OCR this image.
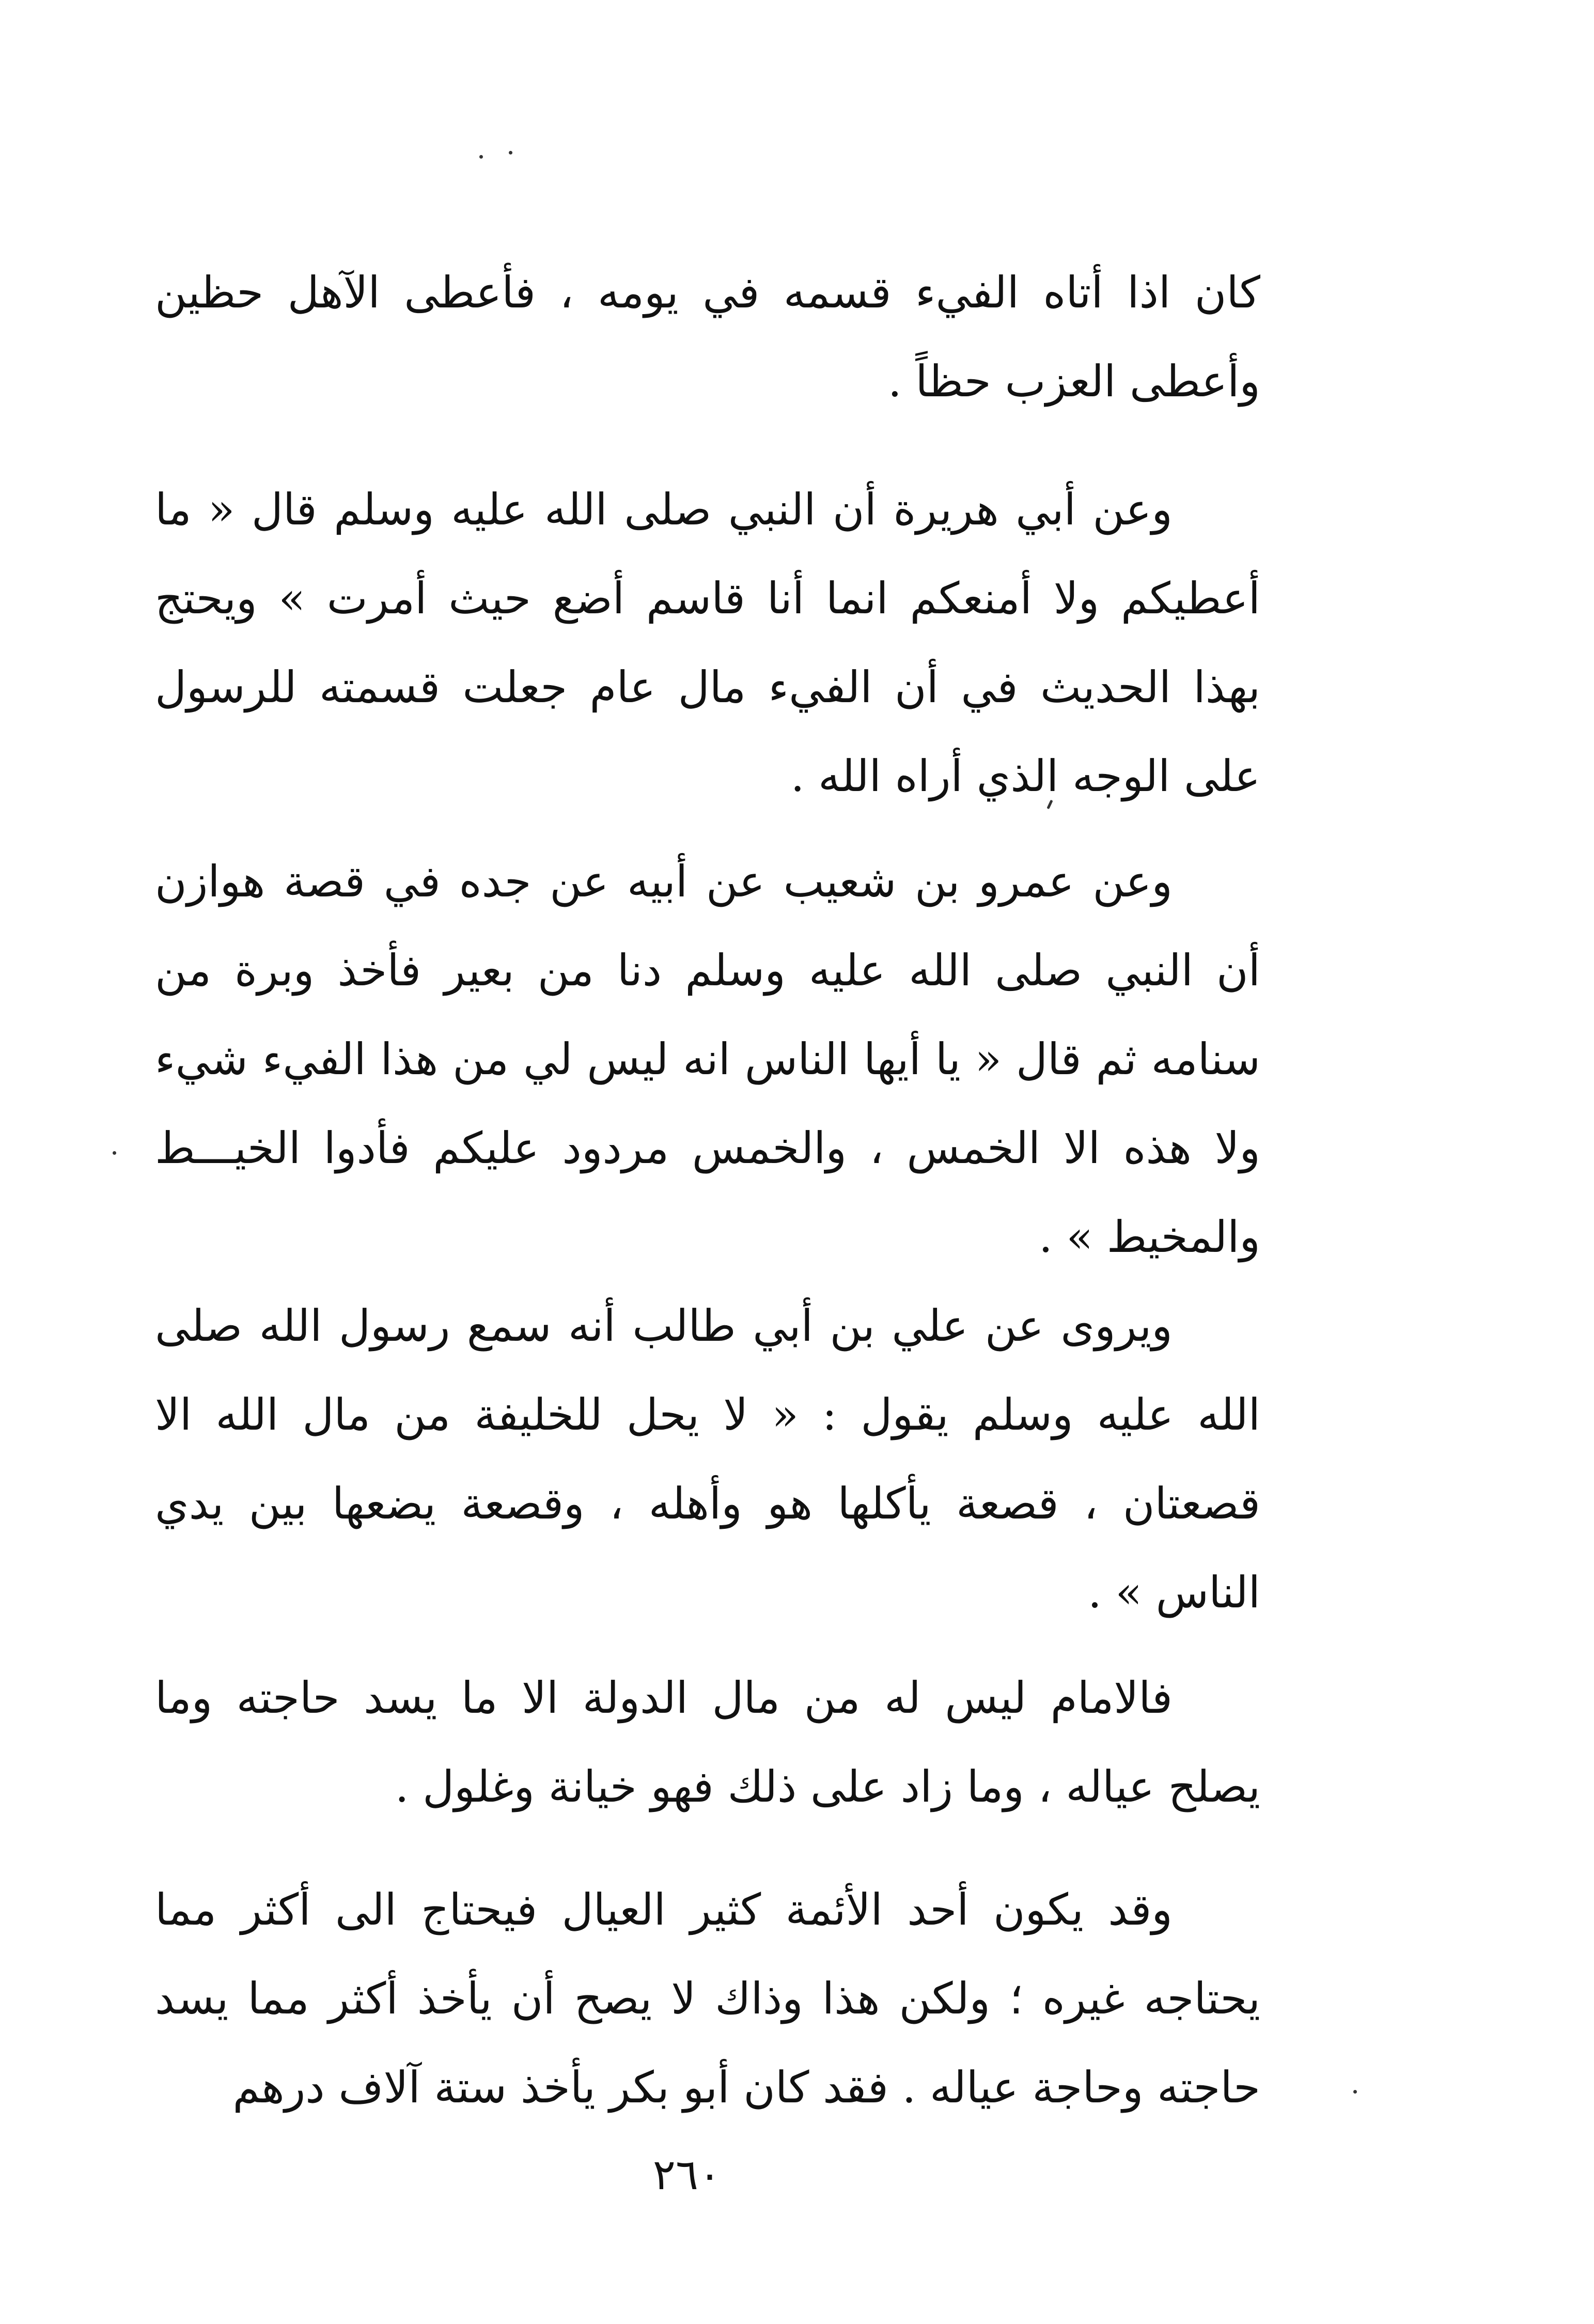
كان اذا أتاه الفيء قسمه في يومه ، فأعطى الآهل حظين وأعطى العزب حظاً .

وعن أبي هريرة أن النبي صلى الله عليه وسلم قال « ما أعطيكم ولا أمنعكم انما أنا قاسم أضع حيث أمرت » ويحتج بهذا الحديث في أن الفيء مال عام جعلت قسمته للرسول على الوجه الذي أراه الله .

وعن عمرو بن شعيب عن أبيه عن جده في قصة هوازن أن النبي صلى الله عليه وسلم دنا من بعير فأخذ وبرة من سنامه ثم قال « يا أيها الناس انه ليس لي من هذا الفيء شيء ولا هذه الا الخمس ، والخمس مردود عليكم فأدوا الخيـــط والمخيط » .

ويروى عن علي بن أبي طالب أنه سمع رسول الله صلى الله عليه وسلم يقول : « لا يحل للخليفة من مال الله الا قصعتان ، قصعة يأكلها هو وأهله ، وقصعة يضعها بين يدي الناس » .

فالامام ليس له من مال الدولة الا ما يسد حاجته وما يصلح عياله ، وما زاد على ذلك فهو خيانة وغلول .

وقد يكون أحد الأئمة كثير العيال فيحتاج الى أكثر مما يحتاجه غيره ؛ ولكن هذا وذاك لا يصح أن يأخذ أكثر مما يسد حاجته وحاجة عياله . فقد كان أبو بكر يأخذ ستة آلاف درهم

٢٦٠
